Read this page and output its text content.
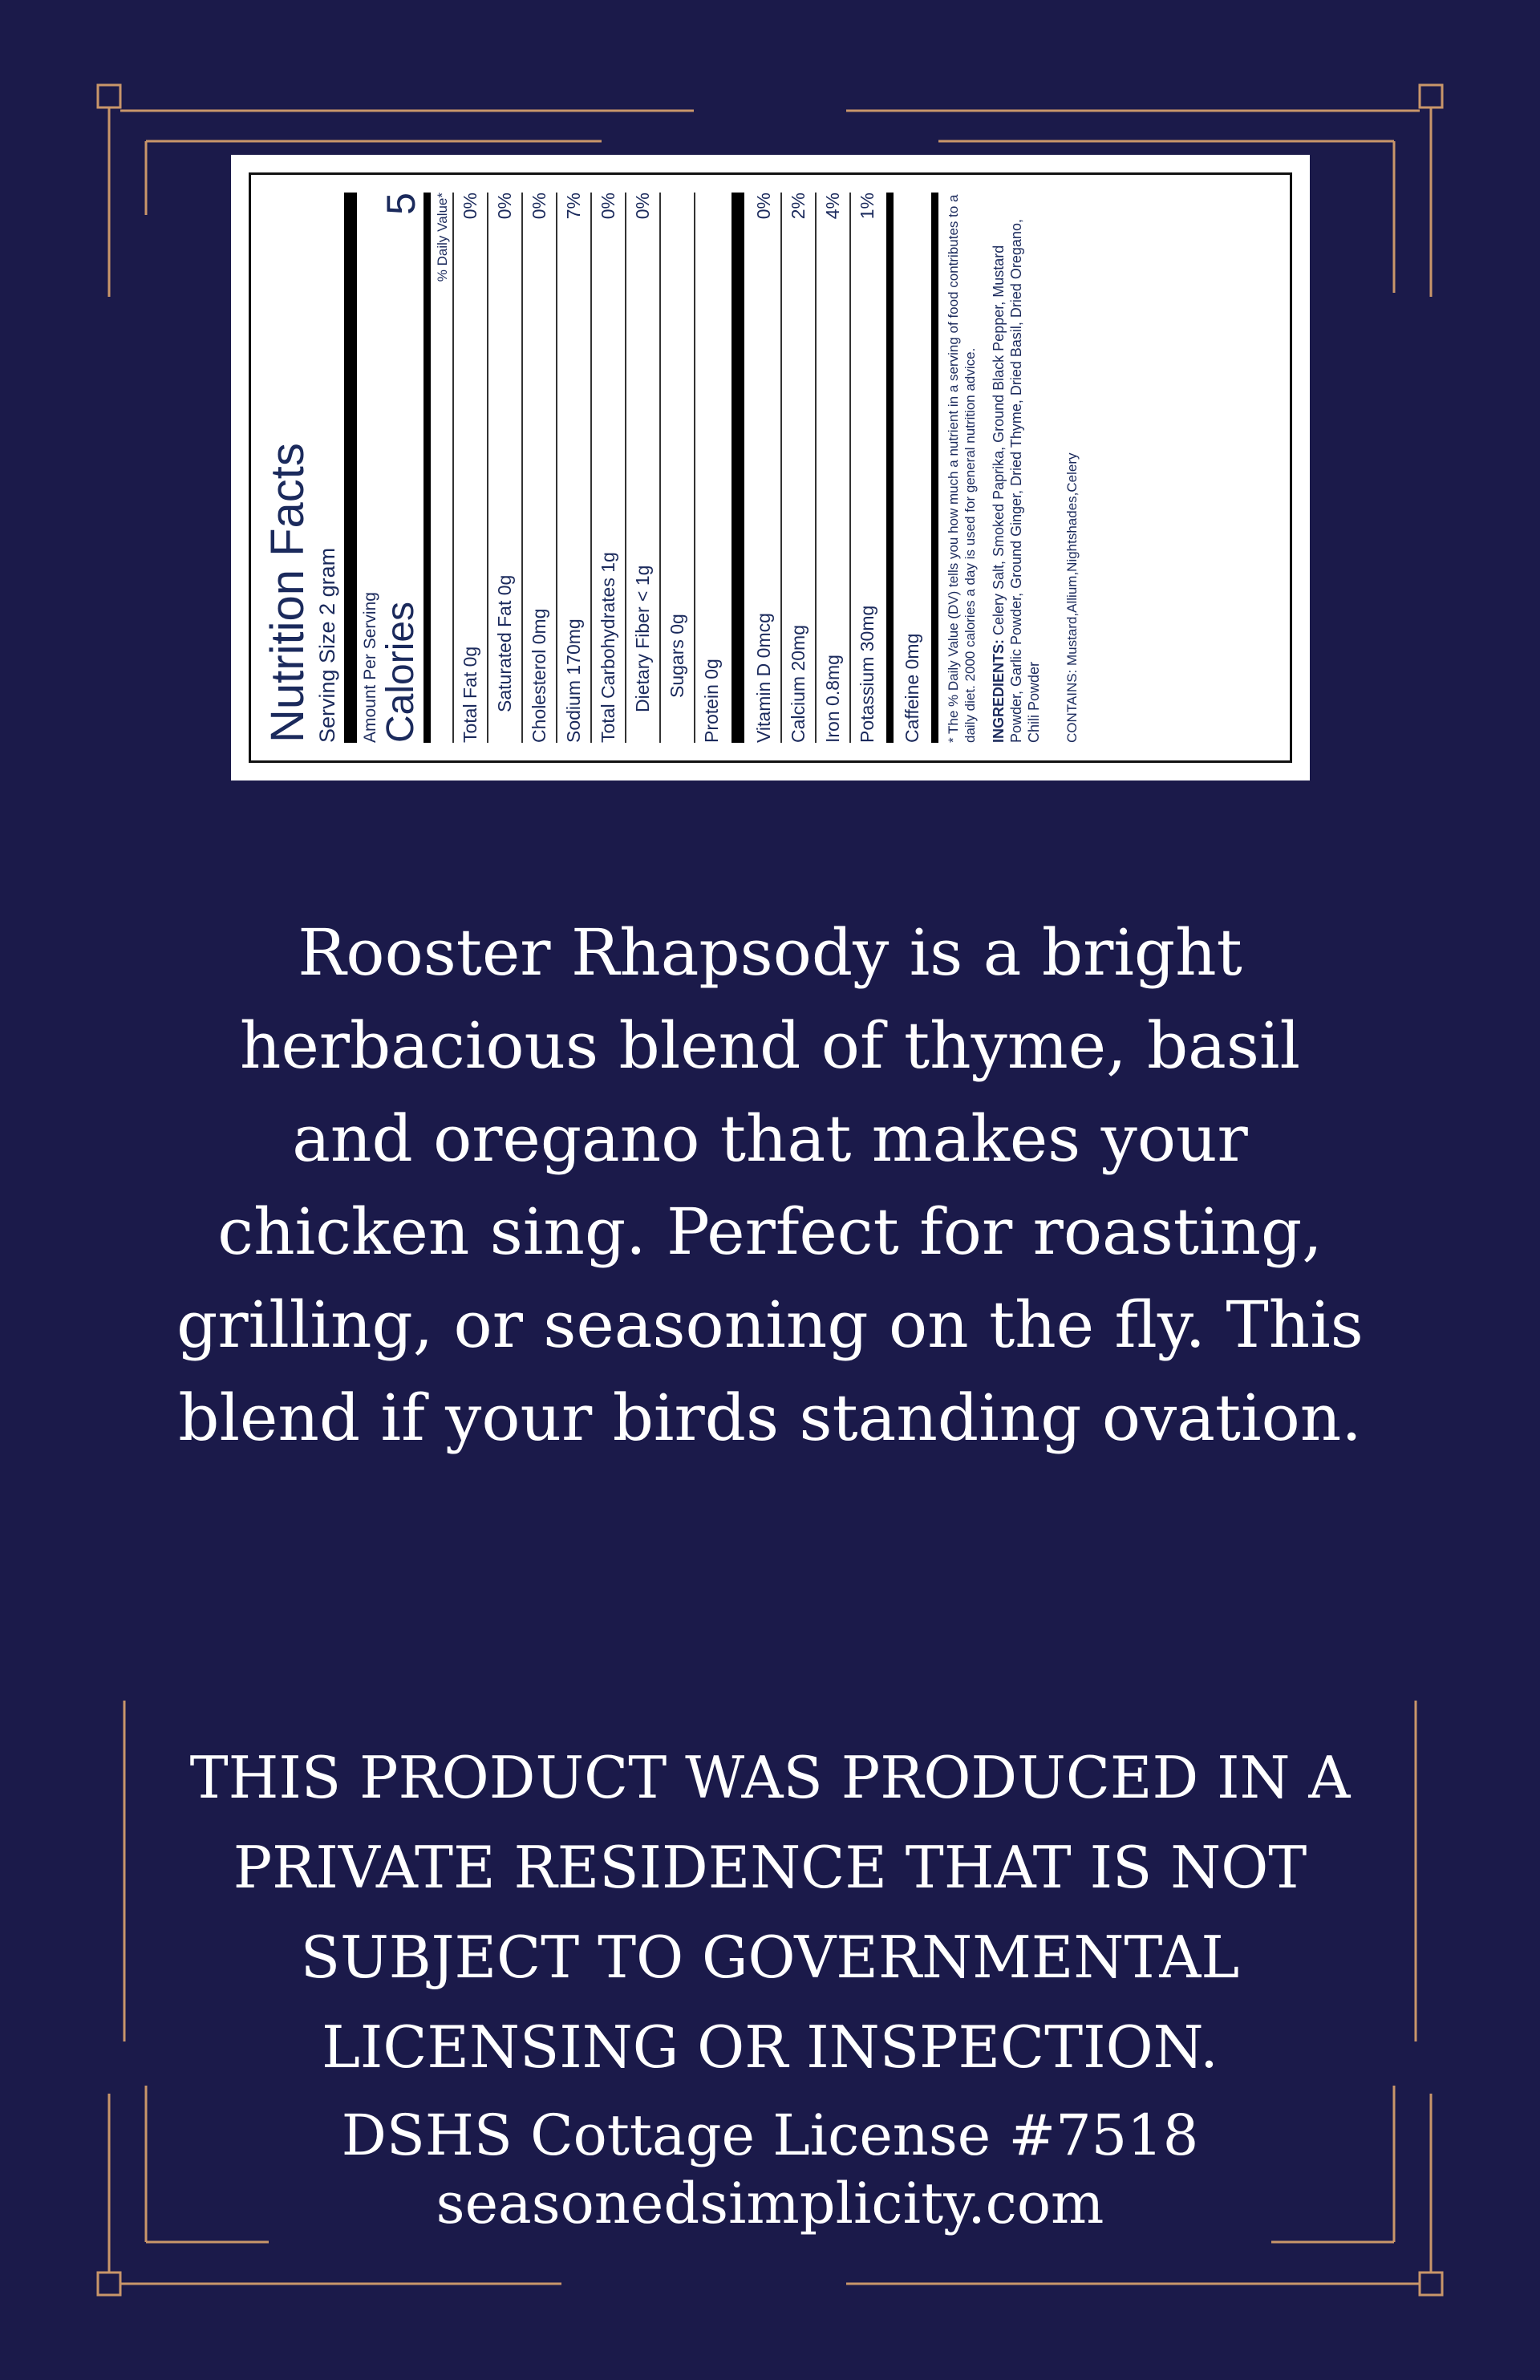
Nutrition Facts Serving Size 2 gram Amount Per Serving Calories
5 % Daily Value*
Total Fat 0g
0%
Saturated Fat 0g
0%
Cholesterol 0mg
0%
Sodium 170mg
7%
Total Carbohydrates 1g
0%
Dietary Fiber < 1g
0%
Sugars 0g
Protein 0g	Vitamin D 0mcg
0%
Calcium 20mg
2%
Iron 0.8mg
4%
Potassium 30mg
1%
Caffeine 0mg	* The % Daily Value (DV) tells you how much a nutrient in a serving of food contributes to a daily diet. 2000 calories a day is used for general nutrition advice. INGREDIENTS: Celery Salt, Smoked Paprika, Ground Black Pepper, Mustard Powder, Garlic Powder, Ground Ginger, Dried Thyme, Dried Basil, Dried Oregano, Chili Powder CONTAINS: Mustard,Allium,Nightshades,Celery

Rooster Rhapsody is a bright
herbacious blend of thyme, basil
and oregano that makes your
chicken sing. Perfect for roasting,
grilling, or seasoning on the fly. This
blend if your birds standing ovation.

THIS PRODUCT WAS PRODUCED IN A
PRIVATE RESIDENCE THAT IS NOT
SUBJECT TO GOVERNMENTAL
LICENSING OR INSPECTION.

DSHS Cottage License #7518
seasonedsimplicity.com
